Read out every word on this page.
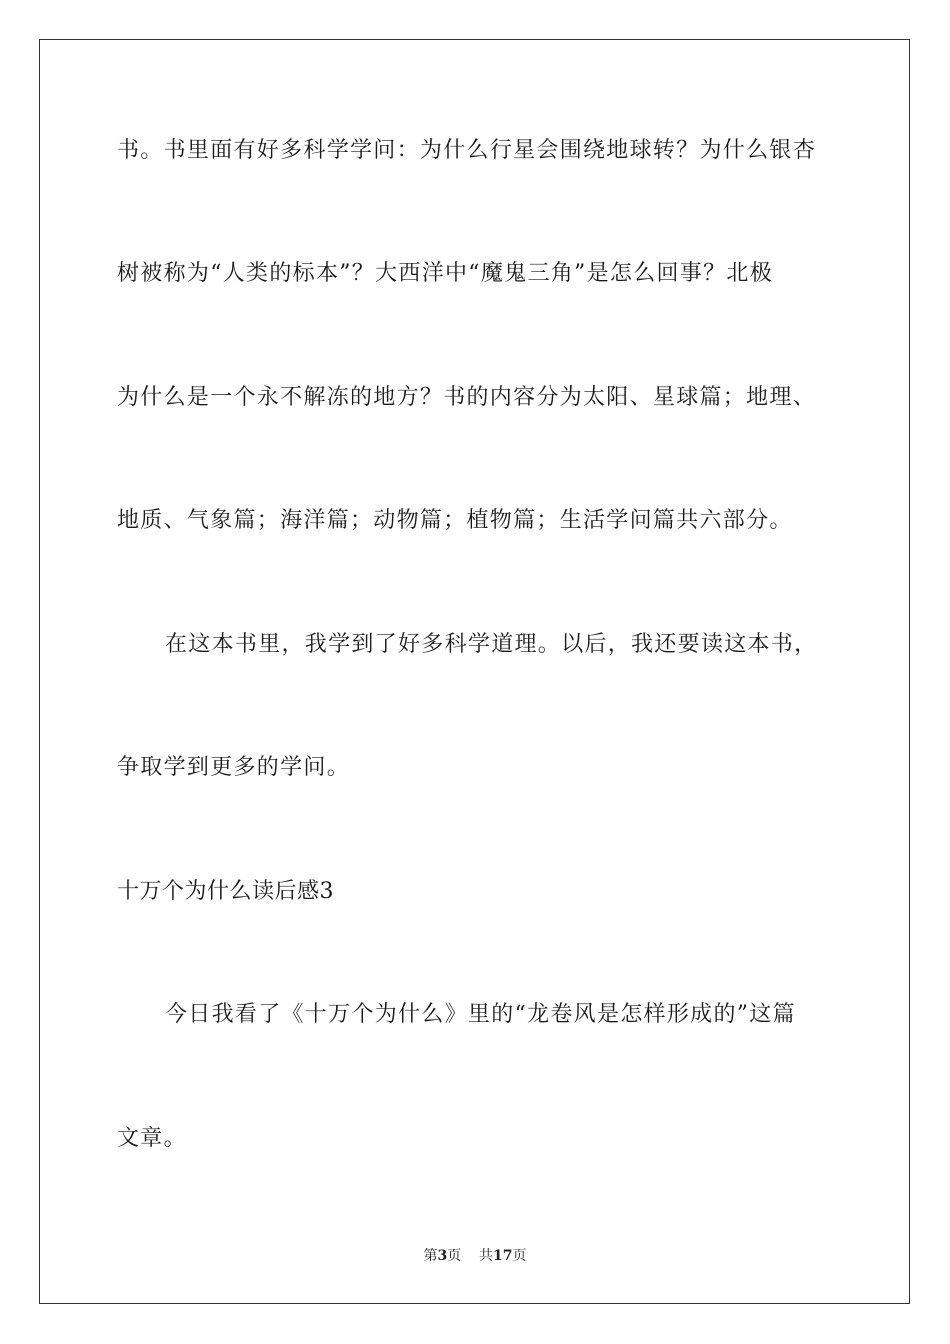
书。书里面有好多科学学问：为什么行星会围绕地球转？为什么银杏
树被称为“人类的标本”？大西洋中“魔鬼三角”是怎么回事？北极
为什么是一个永不解冻的地方？书的内容分为太阳、星球篇；地理、
地质、气象篇；海洋篇；动物篇；植物篇；生活学问篇共六部分。
在这本书里，我学到了好多科学道理。以后，我还要读这本书，
争取学到更多的学问。
十万个为什么读后感3
今日我看了《十万个为什么》里的“龙卷风是怎样形成的”这篇
文章。
第3页 共17页
